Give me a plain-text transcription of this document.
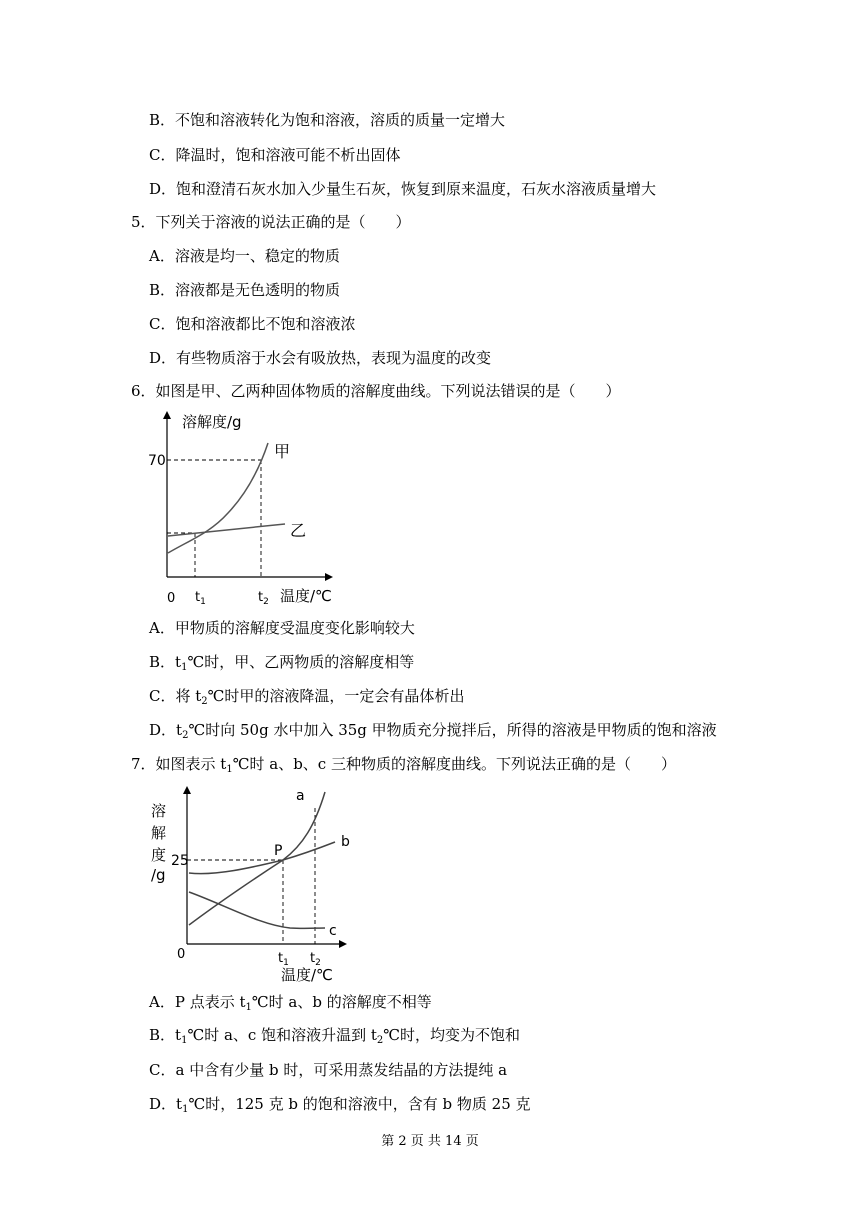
B．不饱和溶液转化为饱和溶液，溶质的质量一定增大
C．降温时，饱和溶液可能不析出固体
D．饱和澄清石灰水加入少量生石灰，恢复到原来温度，石灰水溶液质量增大
5．下列关于溶液的说法正确的是（　　）
A．溶液是均一、稳定的物质
B．溶液都是无色透明的物质
C．饱和溶液都比不饱和溶液浓
D．有些物质溶于水会有吸放热，表现为温度的改变
6．如图是甲、乙两种固体物质的溶解度曲线。下列说法错误的是（　　）
溶解度/g
70
0 $t_1$	$t_2$ 温度/℃
甲
乙
A．甲物质的溶解度受温度变化影响较大
B．$t_1℃$时，甲、乙两物质的溶解度相等
C．将 $t_2℃$时甲的溶液降温，一定会有晶体析出
D．$t_2℃$时向 50g 水中加入 35g 甲物质充分搅拌后，所得的溶液是甲物质的饱和溶液
7．如图表示 $t_1℃$时 a、b、c 三种物质的溶解度曲线。下列说法正确的是（　　）
溶
解
度
/g
25
0
P
a
b
c
$t_1$ $t_2$
温度/℃
A．P 点表示 $t_1℃$时 a、b 的溶解度不相等
B．$t_1℃$时 a、c 饱和溶液升温到 $t_2℃$时，均变为不饱和
C．a 中含有少量 b 时，可采用蒸发结晶的方法提纯 a
D．$t_1℃$时，125 克 b 的饱和溶液中，含有 b 物质 25 克
第 2 页 共 14 页
